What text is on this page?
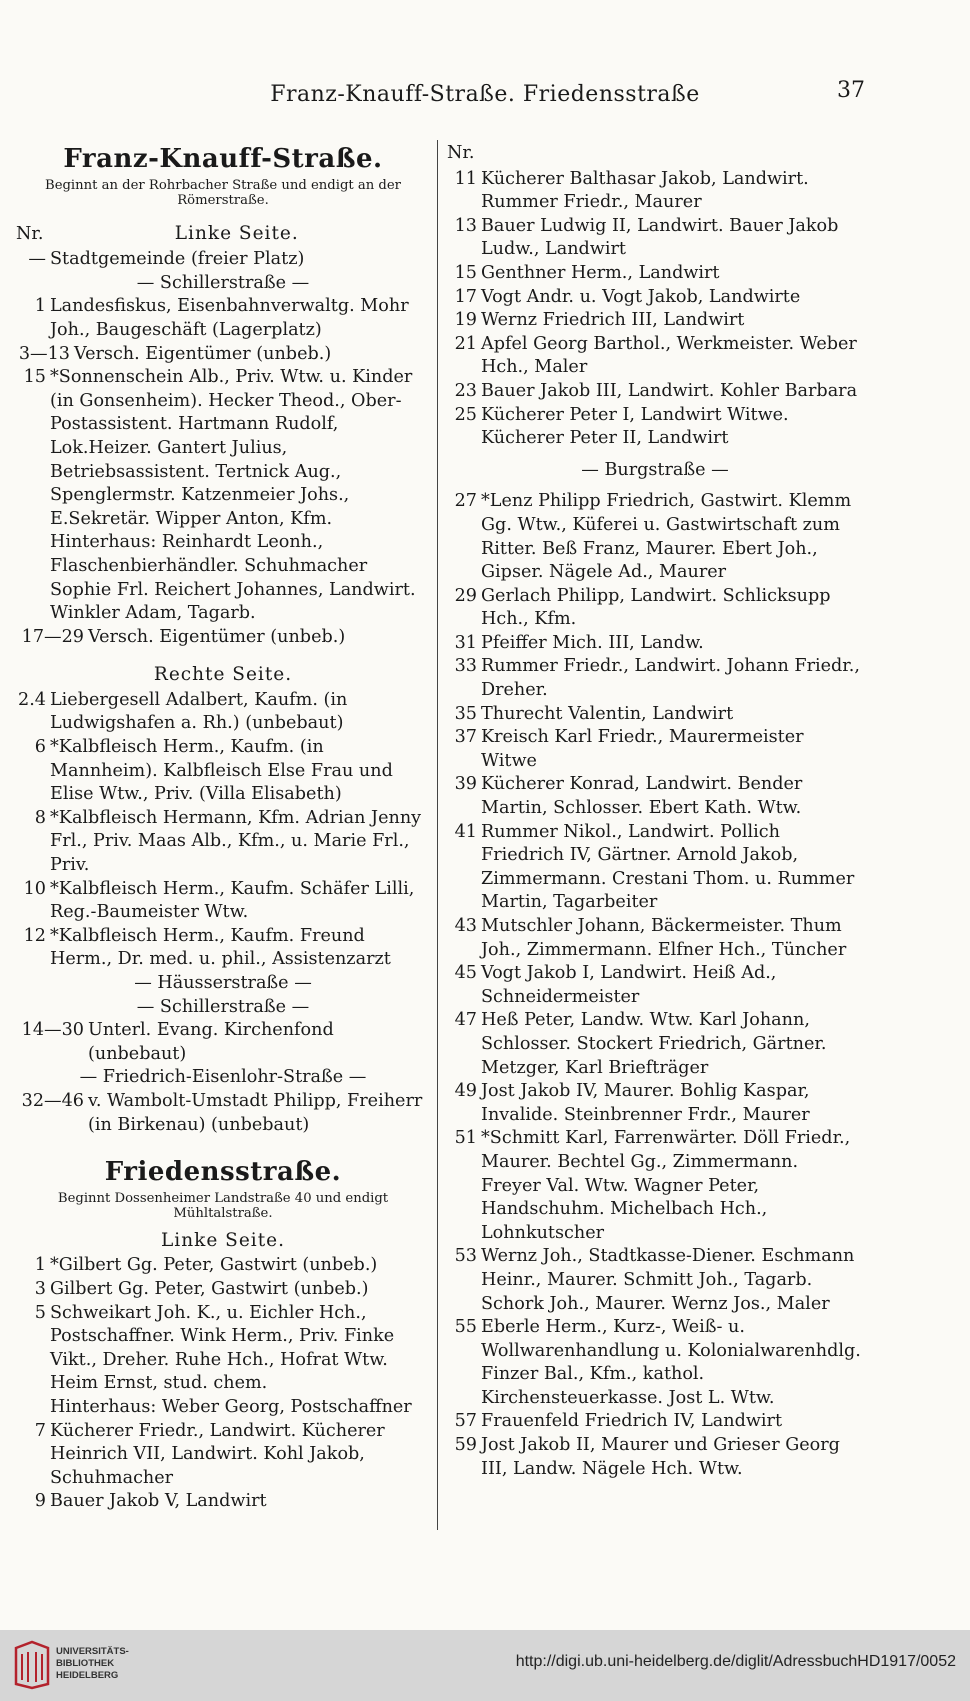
Franz-Knauff-Straße. Friedensstraße	37
Franz-Knauff-Straße.
Beginnt an der Rohrbacher Straße und endigt an der Römerstraße.
Nr.	Linke Seite.
— Stadtgemeinde (freier Platz)
— Schillerstraße —
1 Landesfiskus, Eisenbahnverwaltg. Mohr Joh., Baugeschäft (Lagerplatz)
3—13 Versch. Eigentümer (unbeb.)
15 *Sonnenschein Alb., Priv. Wtw. u. Kinder (in Gonsenheim). Hecker Theod., Ober-Postassistent. Hartmann Rudolf, Lok.Heizer. Gantert Julius, Betriebsassistent. Tertnick Aug., Spenglermstr. Katzenmeier Johs., E.Sekretär. Wipper Anton, Kfm.
Hinterhaus: Reinhardt Leonh., Flaschenbierhändler. Schuhmacher Sophie Frl. Reichert Johannes, Landwirt. Winkler Adam, Tagarb.
17—29 Versch. Eigentümer (unbeb.)
Rechte Seite.
2.4 Liebergesell Adalbert, Kaufm. (in Ludwigshafen a. Rh.) (unbebaut)
6 *Kalbfleisch Herm., Kaufm. (in Mannheim). Kalbfleisch Else Frau und Elise Wtw., Priv. (Villa Elisabeth)
8 *Kalbfleisch Hermann, Kfm. Adrian Jenny Frl., Priv. Maas Alb., Kfm., u. Marie Frl., Priv.
10 *Kalbfleisch Herm., Kaufm. Schäfer Lilli, Reg.-Baumeister Wtw.
12 *Kalbfleisch Herm., Kaufm. Freund Herm., Dr. med. u. phil., Assistenzarzt
— Häusserstraße —
— Schillerstraße —
14—30 Unterl. Evang. Kirchenfond (unbebaut)
— Friedrich-Eisenlohr-Straße —
32—46 v. Wambolt-Umstadt Philipp, Freiherr (in Birkenau) (unbebaut)
Friedensstraße.
Beginnt Dossenheimer Landstraße 40 und endigt Mühltalstraße.
Linke Seite.
1 *Gilbert Gg. Peter, Gastwirt (unbeb.)
3 Gilbert Gg. Peter, Gastwirt (unbeb.)
5 Schweikart Joh. K., u. Eichler Hch., Postschaffner. Wink Herm., Priv. Finke Vikt., Dreher. Ruhe Hch., Hofrat Wtw. Heim Ernst, stud. chem.
Hinterhaus: Weber Georg, Postschaffner
7 Kücherer Friedr., Landwirt. Kücherer Heinrich VII, Landwirt. Kohl Jakob, Schuhmacher
9 Bauer Jakob V, Landwirt
Nr.
11 Kücherer Balthasar Jakob, Landwirt. Rummer Friedr., Maurer
13 Bauer Ludwig II, Landwirt. Bauer Jakob Ludw., Landwirt
15 Genthner Herm., Landwirt
17 Vogt Andr. u. Vogt Jakob, Landwirte
19 Wernz Friedrich III, Landwirt
21 Apfel Georg Barthol., Werkmeister. Weber Hch., Maler
23 Bauer Jakob III, Landwirt. Kohler Barbara
25 Kücherer Peter I, Landwirt Witwe. Kücherer Peter II, Landwirt
— Burgstraße —
27 *Lenz Philipp Friedrich, Gastwirt. Klemm Gg. Wtw., Küferei u. Gastwirtschaft zum Ritter. Beß Franz, Maurer. Ebert Joh., Gipser. Nägele Ad., Maurer
29 Gerlach Philipp, Landwirt. Schlicksupp Hch., Kfm.
31 Pfeiffer Mich. III, Landw.
33 Rummer Friedr., Landwirt. Johann Friedr., Dreher.
35 Thurecht Valentin, Landwirt
37 Kreisch Karl Friedr., Maurermeister Witwe
39 Kücherer Konrad, Landwirt. Bender Martin, Schlosser. Ebert Kath. Wtw.
41 Rummer Nikol., Landwirt. Pollich Friedrich IV, Gärtner. Arnold Jakob, Zimmermann. Crestani Thom. u. Rummer Martin, Tagarbeiter
43 Mutschler Johann, Bäckermeister. Thum Joh., Zimmermann. Elfner Hch., Tüncher
45 Vogt Jakob I, Landwirt. Heiß Ad., Schneidermeister
47 Heß Peter, Landw. Wtw. Karl Johann, Schlosser. Stockert Friedrich, Gärtner. Metzger, Karl Briefträger
49 Jost Jakob IV, Maurer. Bohlig Kaspar, Invalide. Steinbrenner Frdr., Maurer
51 *Schmitt Karl, Farrenwärter. Döll Friedr., Maurer. Bechtel Gg., Zimmermann. Freyer Val. Wtw. Wagner Peter, Handschuhm. Michelbach Hch., Lohnkutscher
53 Wernz Joh., Stadtkasse-Diener. Eschmann Heinr., Maurer. Schmitt Joh., Tagarb. Schork Joh., Maurer. Wernz Jos., Maler
55 Eberle Herm., Kurz-, Weiß- u. Wollwarenhandlung u. Kolonialwarenhdlg. Finzer Bal., Kfm., kathol. Kirchensteuerkasse. Jost L. Wtw.
57 Frauenfeld Friedrich IV, Landwirt
59 Jost Jakob II, Maurer und Grieser Georg III, Landw. Nägele Hch. Wtw.
UNIVERSITÄTS-
BIBLIOTHEK
HEIDELBERG
http://digi.ub.uni-heidelberg.de/diglit/AdressbuchHD1917/0052
